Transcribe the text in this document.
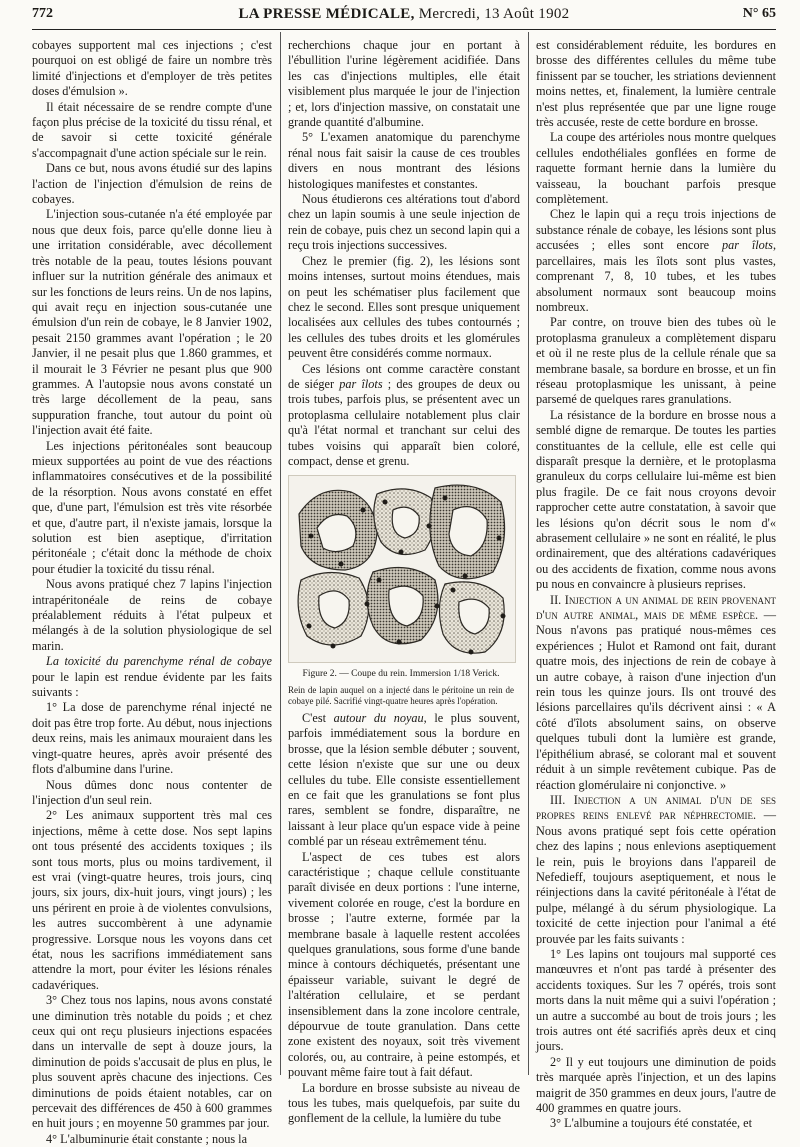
772	LA PRESSE MÉDICALE, Mercredi, 13 Août 1902	N° 65

cobayes supportent mal ces injections ; c'est pourquoi on est obligé de faire un nombre très limité d'injections et d'employer de très petites doses d'émulsion ».

Il était nécessaire de se rendre compte d'une façon plus précise de la toxicité du tissu rénal, et de savoir si cette toxicité générale s'accompagnait d'une action spéciale sur le rein.

Dans ce but, nous avons étudié sur des lapins l'action de l'injection d'émulsion de reins de cobayes.

L'injection sous-cutanée n'a été employée par nous que deux fois, parce qu'elle donne lieu à une irritation considérable, avec décollement très notable de la peau, toutes lésions pouvant influer sur la nutrition générale des animaux et sur les fonctions de leurs reins. Un de nos lapins, qui avait reçu en injection sous-cutanée une émulsion d'un rein de cobaye, le 8 Janvier 1902, pesait 2150 grammes avant l'opération ; le 20 Janvier, il ne pesait plus que 1.860 grammes, et il mourait le 3 Février ne pesant plus que 900 grammes. A l'autopsie nous avons constaté un très large décollement de la peau, sans suppuration franche, tout autour du point où l'injection avait été faite.

Les injections péritonéales sont beaucoup mieux supportées au point de vue des réactions inflammatoires consécutives et de la possibilité de la résorption. Nous avons constaté en effet que, d'une part, l'émulsion est très vite résorbée et que, d'autre part, il n'existe jamais, lorsque la solution est bien aseptique, d'irritation péritonéale ; c'était donc la méthode de choix pour étudier la toxicité du tissu rénal.

Nous avons pratiqué chez 7 lapins l'injection intrapéritonéale de reins de cobaye préalablement réduits à l'état pulpeux et mélangés à de la solution physiologique de sel marin.

La toxicité du parenchyme rénal de cobaye pour le lapin est rendue évidente par les faits suivants :

1° La dose de parenchyme rénal injecté ne doit pas être trop forte. Au début, nous injections deux reins, mais les animaux mouraient dans les vingt-quatre heures, après avoir présenté des flots d'albumine dans l'urine.

Nous dûmes donc nous contenter de l'injection d'un seul rein.

2° Les animaux supportent très mal ces injections, même à cette dose. Nos sept lapins ont tous présenté des accidents toxiques ; ils sont tous morts, plus ou moins tardivement, il est vrai (vingt-quatre heures, trois jours, cinq jours, six jours, dix-huit jours, vingt jours) ; les uns périrent en proie à de violentes convulsions, les autres succombèrent à une adynamie progressive. Lorsque nous les voyons dans cet état, nous les sacrifions immédiatement sans attendre la mort, pour éviter les lésions rénales cadavériques.

3° Chez tous nos lapins, nous avons constaté une diminution très notable du poids ; et chez ceux qui ont reçu plusieurs injections espacées dans un intervalle de sept à douze jours, la diminution de poids s'accusait de plus en plus, le plus souvent après chacune des injections. Ces diminutions de poids étaient notables, car on percevait des différences de 450 à 600 grammes en huit jours ; en moyenne 50 grammes par jour.

4° L'albuminurie était constante ; nous la

recherchions chaque jour en portant à l'ébullition l'urine légèrement acidifiée. Dans les cas d'injections multiples, elle était visiblement plus marquée le jour de l'injection ; et, lors d'injection massive, on constatait une grande quantité d'albumine.

5° L'examen anatomique du parenchyme rénal nous fait saisir la cause de ces troubles divers en nous montrant des lésions histologiques manifestes et constantes.

Nous étudierons ces altérations tout d'abord chez un lapin soumis à une seule injection de rein de cobaye, puis chez un second lapin qui a reçu trois injections successives.

Chez le premier (fig. 2), les lésions sont moins intenses, surtout moins étendues, mais on peut les schématiser plus facilement que chez le second. Elles sont presque uniquement localisées aux cellules des tubes contournés ; les cellules des tubes droits et les glomérules peuvent être considérés comme normaux.

Ces lésions ont comme caractère constant de siéger par îlots ; des groupes de deux ou trois tubes, parfois plus, se présentent avec un protoplasma cellulaire notablement plus clair qu'à l'état normal et tranchant sur celui des tubes voisins qui apparaît bien coloré, compact, dense et grenu.

Figure 2. — Coupe du rein. Immersion 1/18 Verick.
Rein de lapin auquel on a injecté dans le péritoine un rein de cobaye pilé. Sacrifié vingt-quatre heures après l'opération.

C'est autour du noyau, le plus souvent, parfois immédiatement sous la bordure en brosse, que la lésion semble débuter ; souvent, cette lésion n'existe que sur une ou deux cellules du tube. Elle consiste essentiellement en ce fait que les granulations se font plus rares, semblent se fondre, disparaître, ne laissant à leur place qu'un espace vide à peine comblé par un réseau extrêmement ténu.

L'aspect de ces tubes est alors caractéristique ; chaque cellule constituante paraît divisée en deux portions : l'une interne, vivement colorée en rouge, c'est la bordure en brosse ; l'autre externe, formée par la membrane basale à laquelle restent accolées quelques granulations, sous forme d'une bande mince à contours déchiquetés, présentant une épaisseur variable, suivant le degré de l'altération cellulaire, et se perdant insensiblement dans la zone incolore centrale, dépourvue de toute granulation. Dans cette zone existent des noyaux, soit très vivement colorés, ou, au contraire, à peine estompés, et pouvant même faire tout à fait défaut.

La bordure en brosse subsiste au niveau de tous les tubes, mais quelquefois, par suite du gonflement de la cellule, la lumière du tube

est considérablement réduite, les bordures en brosse des différentes cellules du même tube finissent par se toucher, les striations deviennent moins nettes, et, finalement, la lumière centrale n'est plus représentée que par une ligne rouge très accusée, reste de cette bordure en brosse.

La coupe des artérioles nous montre quelques cellules endothéliales gonflées en forme de raquette formant hernie dans la lumière du vaisseau, la bouchant parfois presque complètement.

Chez le lapin qui a reçu trois injections de substance rénale de cobaye, les lésions sont plus accusées ; elles sont encore par îlots, parcellaires, mais les îlots sont plus vastes, comprenant 7, 8, 10 tubes, et les tubes absolument normaux sont beaucoup moins nombreux.

Par contre, on trouve bien des tubes où le protoplasma granuleux a complètement disparu et où il ne reste plus de la cellule rénale que sa membrane basale, sa bordure en brosse, et un fin réseau protoplasmique les unissant, à peine parsemé de quelques rares granulations.

La résistance de la bordure en brosse nous a semblé digne de remarque. De toutes les parties constituantes de la cellule, elle est celle qui disparaît presque la dernière, et le protoplasma granuleux du corps cellulaire lui-même est bien plus fragile. De ce fait nous croyons devoir rapprocher cette autre constatation, à savoir que les lésions qu'on décrit sous le nom d'« abrasement cellulaire » ne sont en réalité, le plus ordinairement, que des altérations cadavériques ou des accidents de fixation, comme nous avons pu nous en convaincre à plusieurs reprises.

II. Injection a un animal de rein provenant d'un autre animal, mais de même espèce. — Nous n'avons pas pratiqué nous-mêmes ces expériences ; Hulot et Ramond ont fait, durant quatre mois, des injections de rein de cobaye à un autre cobaye, à raison d'une injection d'un rein tous les quinze jours. Ils ont trouvé des lésions parcellaires qu'ils décrivent ainsi : « A côté d'îlots absolument sains, on observe quelques tubuli dont la lumière est grande, l'épithélium abrasé, se colorant mal et souvent réduit à un simple revêtement cubique. Pas de réaction glomérulaire ni conjonctive. »

III. Injection a un animal d'un de ses propres reins enlevé par néphrectomie. — Nous avons pratiqué sept fois cette opération chez des lapins ; nous enlevions aseptiquement le rein, puis le broyions dans l'appareil de Nefedieff, toujours aseptiquement, et nous le réinjections dans la cavité péritonéale à l'état de pulpe, mélangé à du sérum physiologique. La toxicité de cette injection pour l'animal a été prouvée par les faits suivants :

1° Les lapins ont toujours mal supporté ces manœuvres et n'ont pas tardé à présenter des accidents toxiques. Sur les 7 opérés, trois sont morts dans la nuit même qui a suivi l'opération ; un autre a succombé au bout de trois jours ; les trois autres ont été sacrifiés après deux et cinq jours.

2° Il y eut toujours une diminution de poids très marquée après l'injection, et un des lapins maigrit de 350 grammes en deux jours, l'autre de 400 grammes en quatre jours.

3° L'albumine a toujours été constatée, et
